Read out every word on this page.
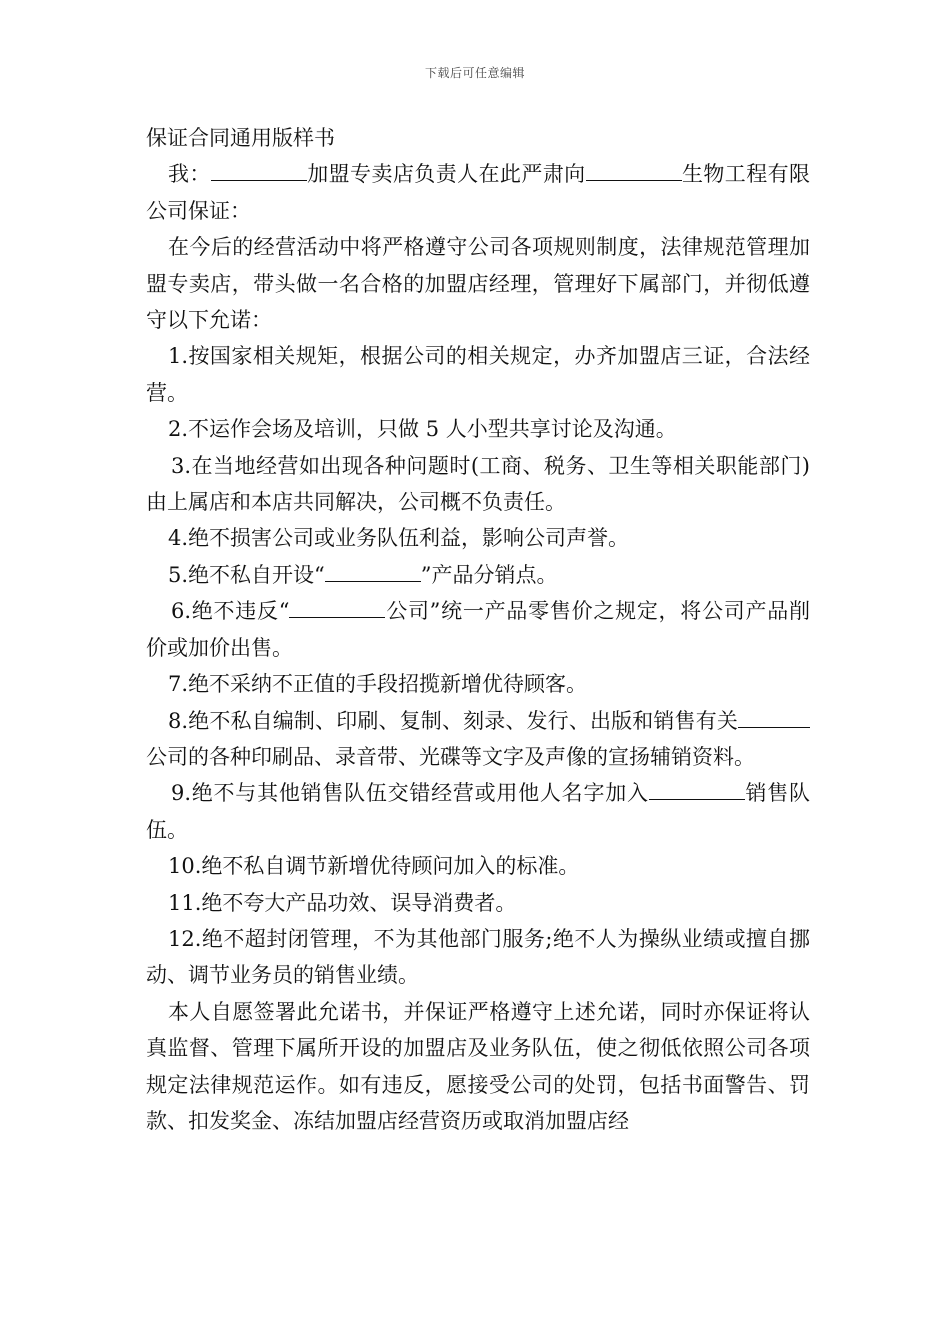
下载后可任意编辑

保证合同通用版样书

我：	加盟专卖店负责人在此严肃向	生物工程有限公司保证：

在今后的经营活动中将严格遵守公司各项规则制度，法律规范管理加盟专卖店，带头做一名合格的加盟店经理，管理好下属部门，并彻低遵守以下允诺：

1.按国家相关规矩，根据公司的相关规定，办齐加盟店三证，合法经营。

2.不运作会场及培训，只做 5 人小型共享讨论及沟通。

3.在当地经营如出现各种问题时(工商、税务、卫生等相关职能部门)由上属店和本店共同解决，公司概不负责任。

4.绝不损害公司或业务队伍利益，影响公司声誉。

5.绝不私自开设“	”产品分销点。

6.绝不违反“	公司”统一产品零售价之规定，将公司产品削价或加价出售。

7.绝不采纳不正值的手段招揽新增优待顾客。

8.绝不私自编制、印刷、复制、刻录、发行、出版和销售有关公司的各种印刷品、录音带、光碟等文字及声像的宣扬辅销资料。

9.绝不与其他销售队伍交错经营或用他人名字加入	销售队伍。

10.绝不私自调节新增优待顾问加入的标准。

11.绝不夸大产品功效、误导消费者。

12.绝不超封闭管理，不为其他部门服务;绝不人为操纵业绩或擅自挪动、调节业务员的销售业绩。

本人自愿签署此允诺书，并保证严格遵守上述允诺，同时亦保证将认真监督、管理下属所开设的加盟店及业务队伍，使之彻低依照公司各项规定法律规范运作。如有违反，愿接受公司的处罚，包括书面警告、罚款、扣发奖金、冻结加盟店经营资历或取消加盟店经
